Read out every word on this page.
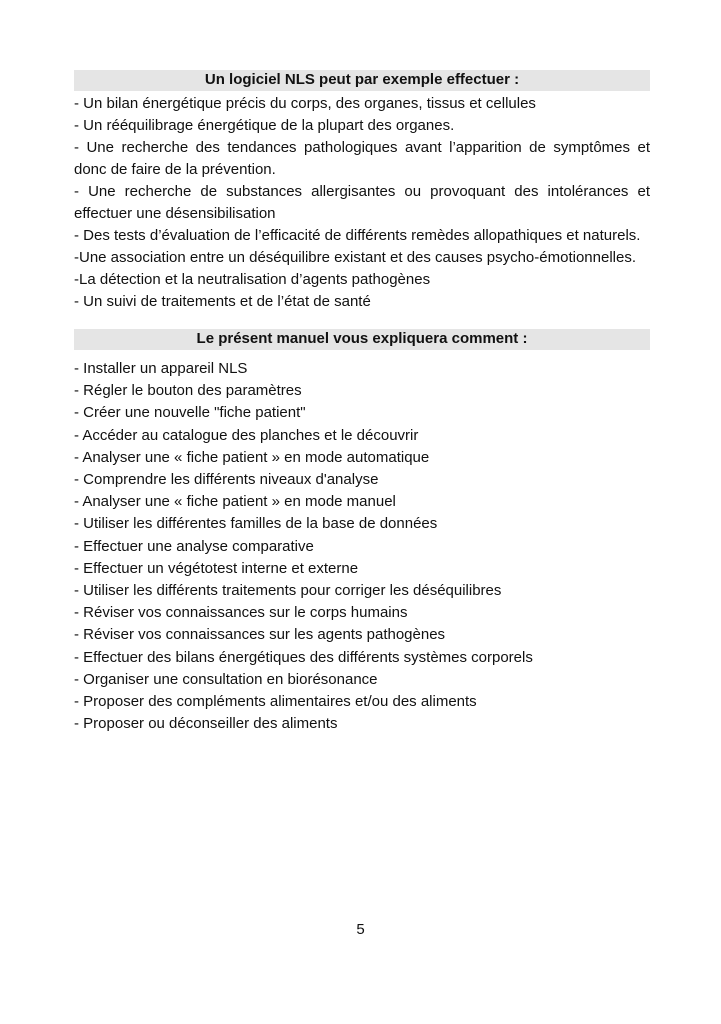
Un logiciel NLS peut par exemple effectuer :

- Un bilan énergétique précis du corps, des organes, tissus et cellules

- Un rééquilibrage énergétique de la plupart des organes.

- Une recherche des tendances pathologiques avant l’apparition de symptômes et donc de faire de la prévention.

- Une recherche de substances allergisantes ou provoquant des intolérances et effectuer une désensibilisation

- Des tests d’évaluation de l’efficacité de différents remèdes allopathiques et naturels.

-Une association entre un déséquilibre existant et des causes psycho-émotionnelles.

-La détection et la neutralisation d’agents pathogènes

- Un suivi de traitements et de l’état de santé

Le présent manuel vous expliquera comment :
- Installer un appareil NLS
- Régler le bouton des paramètres
- Créer une nouvelle "fiche patient"
- Accéder au catalogue des planches et le découvrir
- Analyser une « fiche patient » en mode automatique
- Comprendre les différents niveaux d'analyse
- Analyser une « fiche patient » en mode manuel
- Utiliser les différentes familles de la base de données
- Effectuer une analyse comparative
- Effectuer un végétotest interne et externe
- Utiliser les différents traitements pour corriger les déséquilibres
- Réviser vos connaissances sur le corps humains
- Réviser vos connaissances sur les agents pathogènes
- Effectuer des bilans énergétiques des différents systèmes corporels
- Organiser une consultation en biorésonance
- Proposer des compléments alimentaires et/ou des aliments
- Proposer ou déconseiller des aliments
5
